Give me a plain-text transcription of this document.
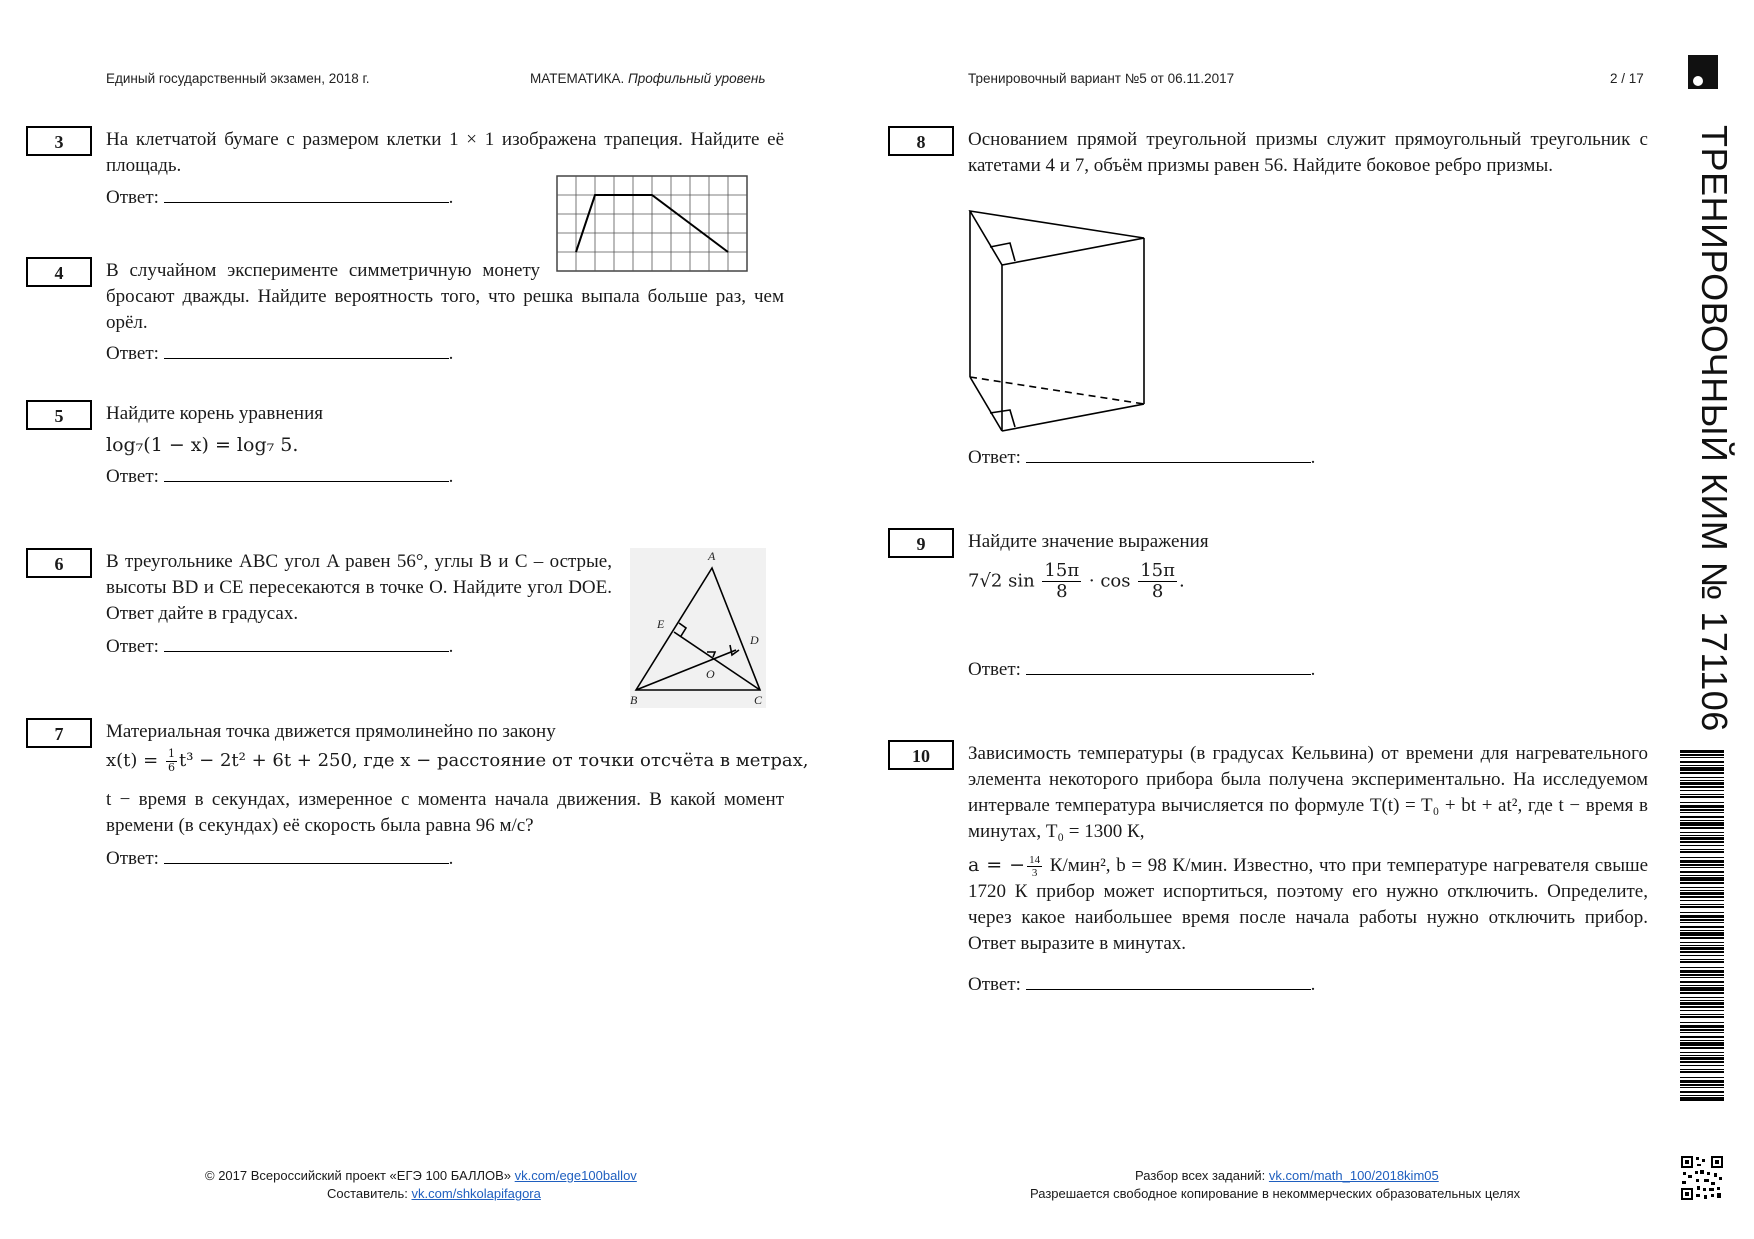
Единый государственный экзамен, 2018 г.	МАТЕМАТИКА. Профильный уровень	Тренировочный вариант №5 от 06.11.2017	2 / 17
ТРЕНИРОВОЧНЫЙ КИМ № 171106
3	На клетчатой бумаге с размером клетки 1 × 1 изображена трапеция. Найдите её площадь.
Ответ:	.
4	В случайном эксперименте симметричную монету бросают дважды. Найдите вероятность того, что решка выпала больше раз, чем орёл.
Ответ:	.
5	Найдите корень уравнения
log₇(1 − x) = log₇ 5.
Ответ:	.
6	В треугольнике ABC угол A равен 56°, углы B и C – острые, высоты BD и CE пересекаются в точке O. Найдите угол DOE. Ответ дайте в градусах.
Ответ:	.
A
B	C
D
E
O
7	Материальная точка движется прямолинейно по закону
$x(t) = \frac{1}{6} t^3 - 2t^2 + 6t + 250$, где x − расстояние от точки отсчёта в метрах,
t − время в секундах, измеренное с момента начала движения. В какой момент времени (в секундах) её скорость была равна 96 м/с?
Ответ:	.
8	Основанием прямой треугольной призмы служит прямоугольный треугольник с катетами 4 и 7, объём призмы равен 56. Найдите боковое ребро призмы.
Ответ:	.
9	Найдите значение выражения
7√2 $\sin \frac{15\pi}{8} \cdot \cos \frac{15\pi}{8}$ .
Ответ:	.
10	Зависимость температуры (в градусах Кельвина) от времени для нагревательного элемента некоторого прибора была получена экспериментально. На исследуемом интервале температура вычисляется по формуле T(t) = T₀ + bt + at², где t − время в минутах, T₀ = 1300 К,
a = − $\frac{14}{3} К/мин^2$, b = 98 К/мин. Известно, что при температуре нагревателя свыше 1720 К прибор может испортиться, поэтому его нужно отключить. Определите, через какое наибольшее время после начала работы нужно отключить прибор. Ответ выразите в минутах.
Ответ:	.
© 2017 Всероссийский проект «ЕГЭ 100 БАЛЛОВ» vk.com/ege100ballov
Составитель: vk.com/shkolapifagora
Разбор всех заданий: vk.com/math_100/2018kim05
Разрешается свободное копирование в некоммерческих образовательных целях
